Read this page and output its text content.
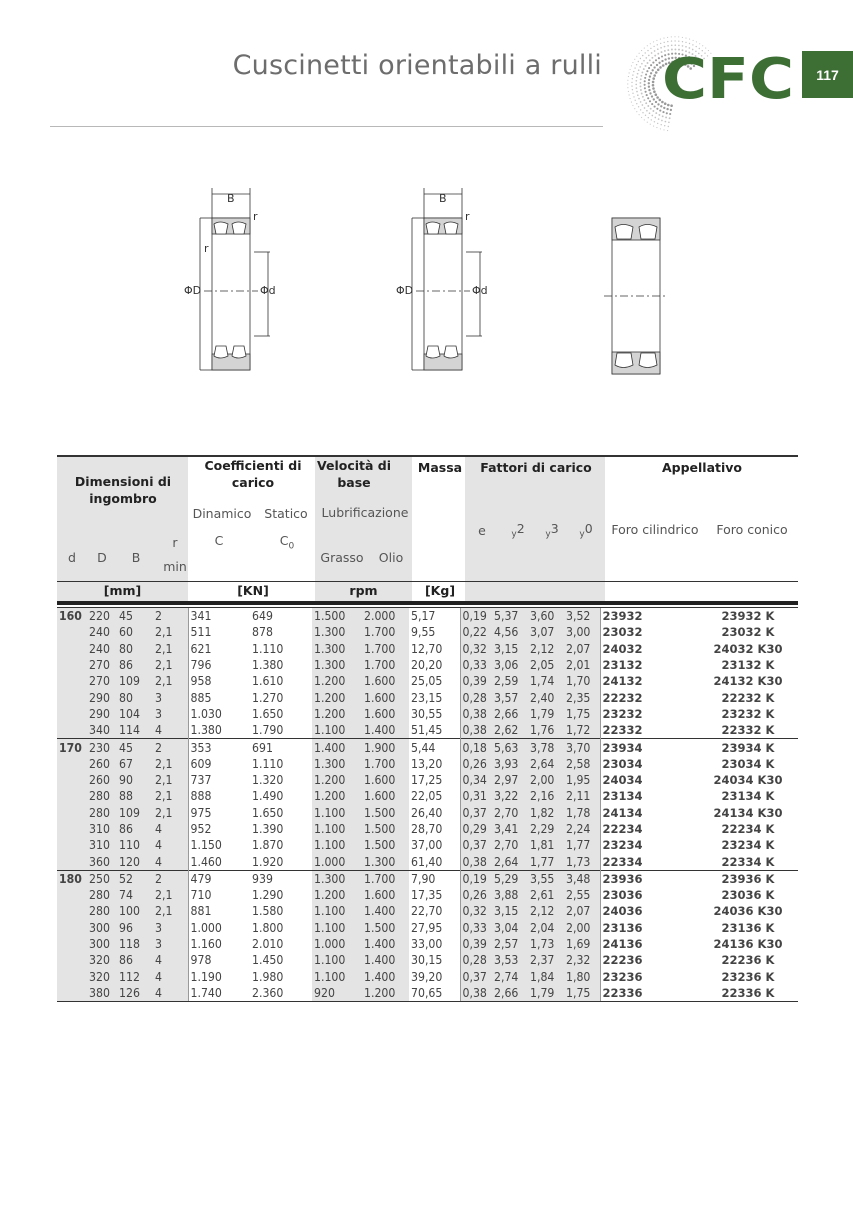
Cuscinetti orientabili a rulli CFC	117
B
r
r
ΦD	Φd
B
r
ΦD	Φd
Dimensioni di ingombro
Coefficienti di carico
Velocità di base
Massa	Fattori di carico	Appellativo
Dinamico	Statico	Lubrificazione
Grasso	Olio
Foro cilindrico	Foro conico
d	D	B
r
min
C	$C_0$
e	$_y$2	$_y$3	$_y$0
[mm]	[KN]	rpm	[Kg]
160	220	45	2	341	649	1.500	2.000	5,17	0,19	5,37	3,60	3,52	23932	23932 K
	240	60	2,1	511	878	1.300	1.700	9,55	0,22	4,56	3,07	3,00	23032	23032 K
	240	80	2,1	621	1.110	1.300	1.700	12,70	0,32	3,15	2,12	2,07	24032	24032 K30
	270	86	2,1	796	1.380	1.300	1.700	20,20	0,33	3,06	2,05	2,01	23132	23132 K
	270	109	2,1	958	1.610	1.200	1.600	25,05	0,39	2,59	1,74	1,70	24132	24132 K30
	290	80	3	885	1.270	1.200	1.600	23,15	0,28	3,57	2,40	2,35	22232	22232 K
	290	104	3	1.030	1.650	1.200	1.600	30,55	0,38	2,66	1,79	1,75	23232	23232 K
	340	114	4	1.380	1.790	1.100	1.400	51,45	0,38	2,62	1,76	1,72	22332	22332 K
170	230	45	2	353	691	1.400	1.900	5,44	0,18	5,63	3,78	3,70	23934	23934 K
	260	67	2,1	609	1.110	1.300	1.700	13,20	0,26	3,93	2,64	2,58	23034	23034 K
	260	90	2,1	737	1.320	1.200	1.600	17,25	0,34	2,97	2,00	1,95	24034	24034 K30
	280	88	2,1	888	1.490	1.200	1.600	22,05	0,31	3,22	2,16	2,11	23134	23134 K
	280	109	2,1	975	1.650	1.100	1.500	26,40	0,37	2,70	1,82	1,78	24134	24134 K30
	310	86	4	952	1.390	1.100	1.500	28,70	0,29	3,41	2,29	2,24	22234	22234 K
	310	110	4	1.150	1.870	1.100	1.500	37,00	0,37	2,70	1,81	1,77	23234	23234 K
	360	120	4	1.460	1.920	1.000	1.300	61,40	0,38	2,64	1,77	1,73	22334	22334 K
180	250	52	2	479	939	1.300	1.700	7,90	0,19	5,29	3,55	3,48	23936	23936 K
	280	74	2,1	710	1.290	1.200	1.600	17,35	0,26	3,88	2,61	2,55	23036	23036 K
	280	100	2,1	881	1.580	1.100	1.400	22,70	0,32	3,15	2,12	2,07	24036	24036 K30
	300	96	3	1.000	1.800	1.100	1.500	27,95	0,33	3,04	2,04	2,00	23136	23136 K
	300	118	3	1.160	2.010	1.000	1.400	33,00	0,39	2,57	1,73	1,69	24136	24136 K30
	320	86	4	978	1.450	1.100	1.400	30,15	0,28	3,53	2,37	2,32	22236	22236 K
	320	112	4	1.190	1.980	1.100	1.400	39,20	0,37	2,74	1,84	1,80	23236	23236 K
	380	126	4	1.740	2.360	920	1.200	70,65	0,38	2,66	1,79	1,75	22336	22336 K
